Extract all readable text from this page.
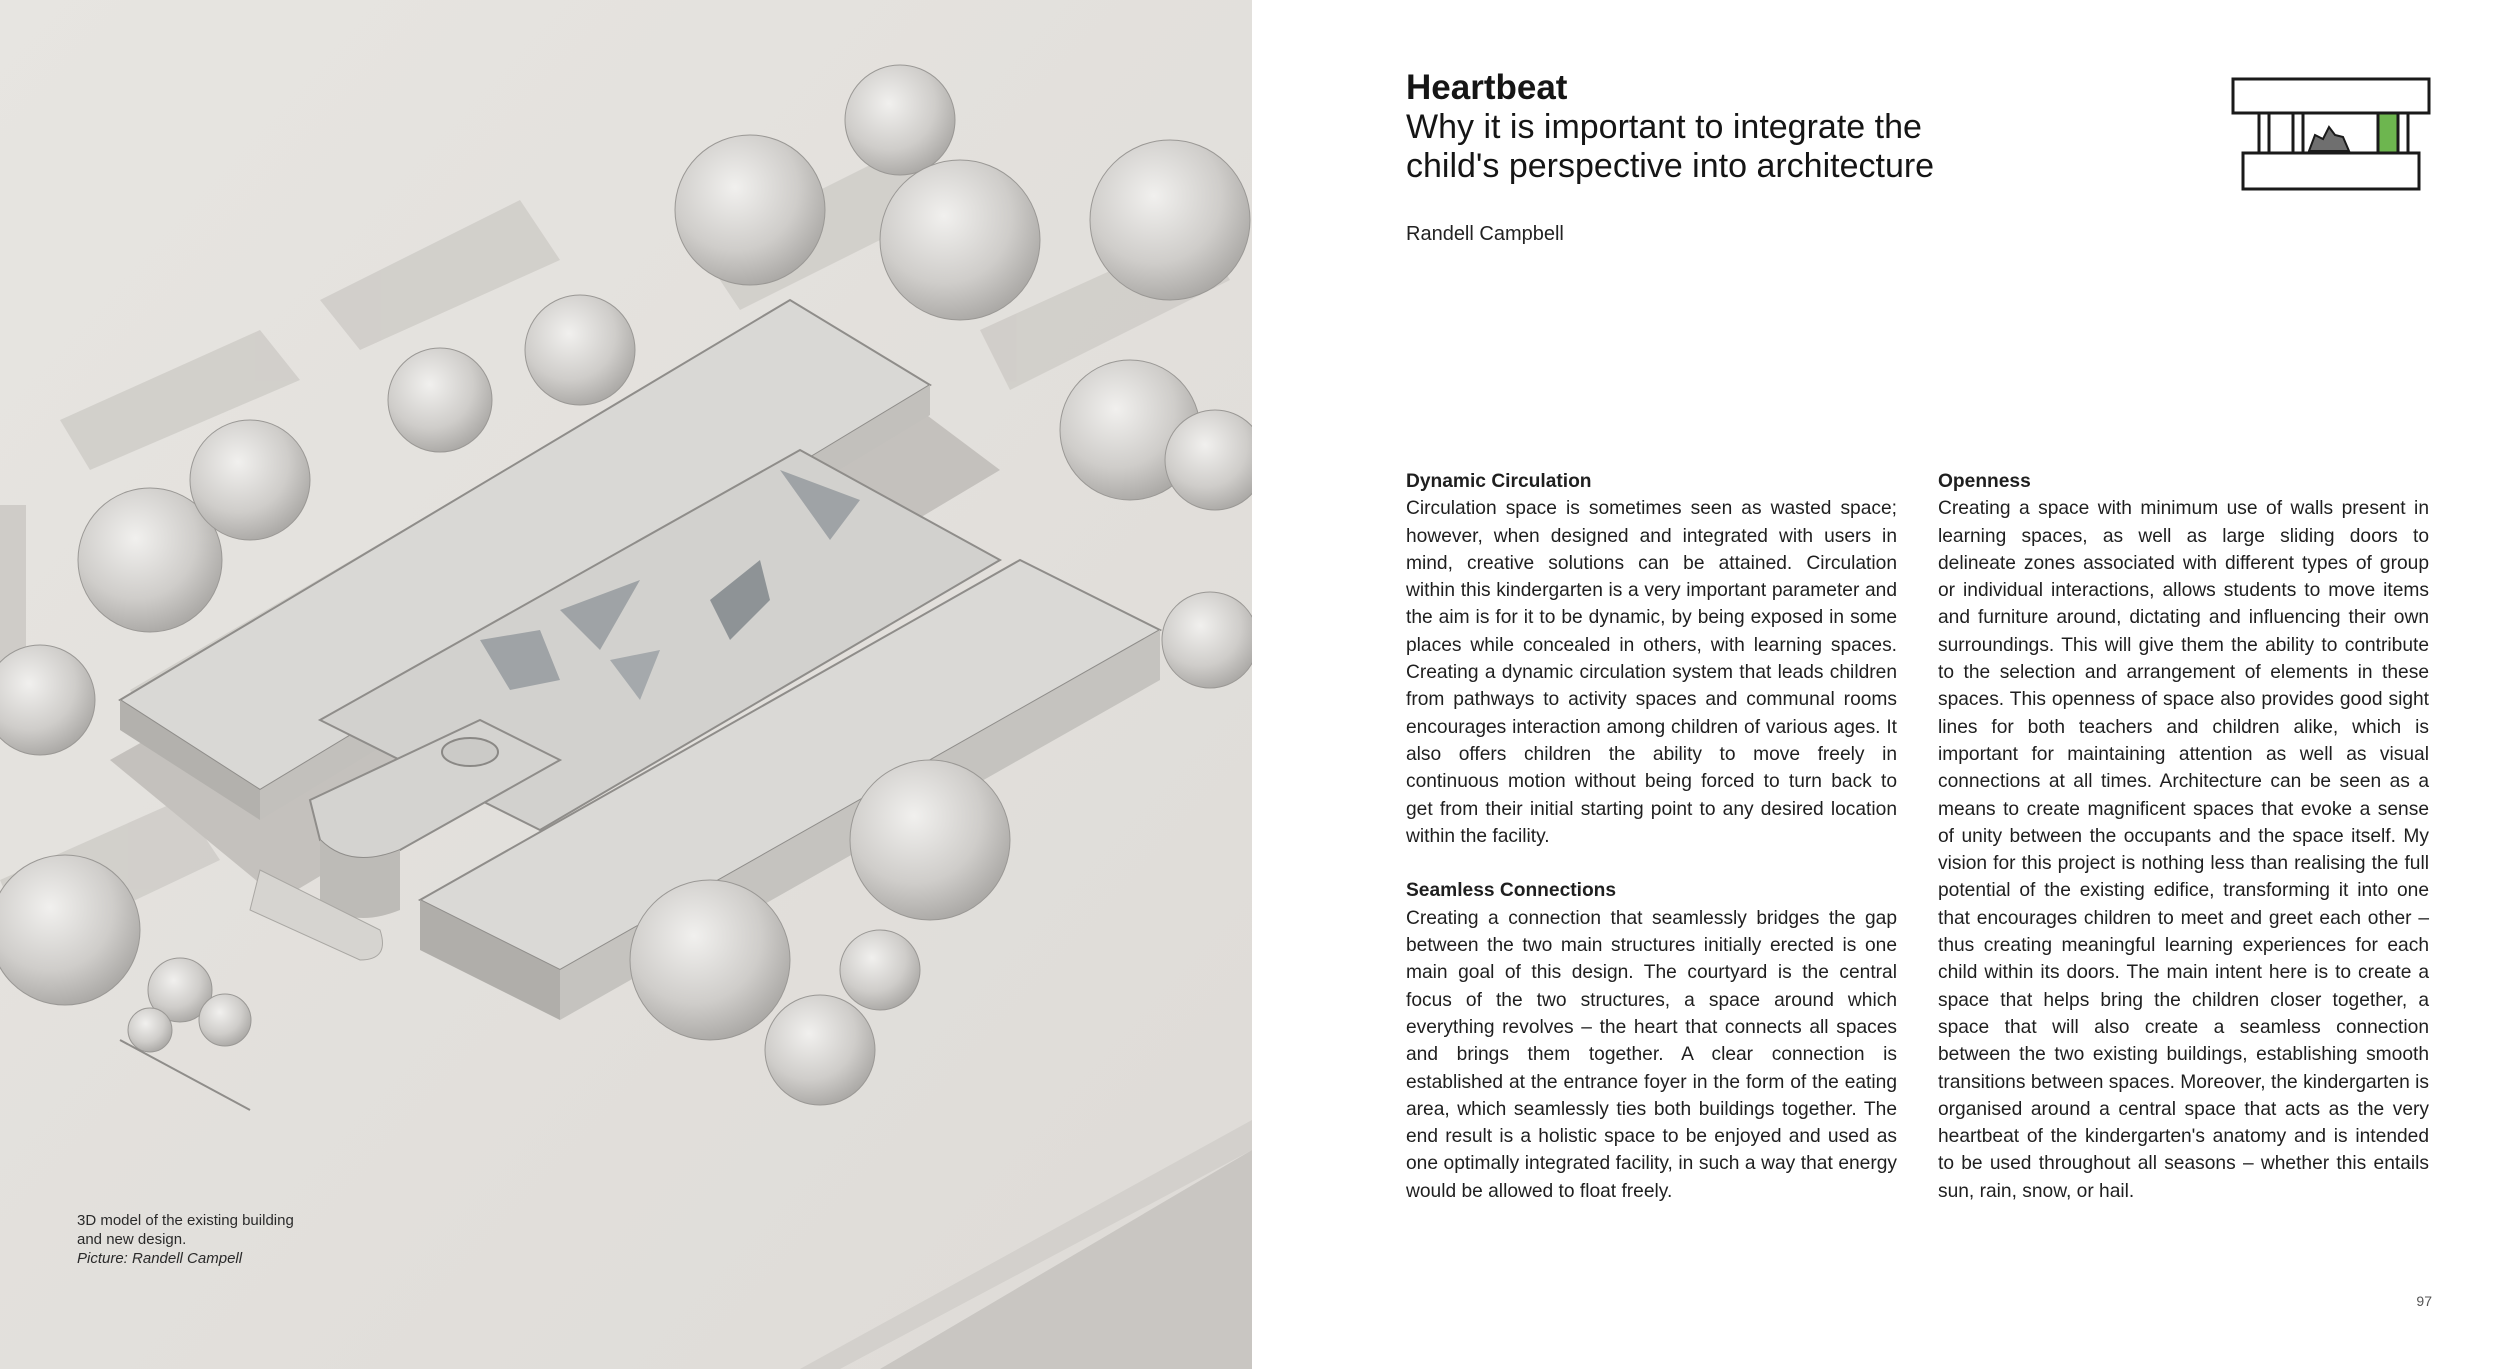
3D model of the existing building
and new design.
Picture: Randell Campell
Heartbeat
Why it is important to integrate the
child's perspective into architecture
Randell Campbell
Dynamic Circulation

Circulation space is sometimes seen as wasted space; however, when designed and integrated with users in mind, creative solutions can be attained. Circulation within this kindergarten is a very important parameter and the aim is for it to be dynamic, by being exposed in some places while concealed in others, with learning spaces. Creating a dynamic circulation system that leads children from pathways to activity spaces and communal rooms encourages interaction among children of various ages. It also offers children the ability to move freely in continuous motion without being forced to turn back to get from their initial starting point to any desired location within the facility.

Seamless Connections

Creating a connection that seamlessly bridges the gap between the two main structures initially erected is one main goal of this design. The courtyard is the central focus of the two structures, a space around which everything revolves – the heart that connects all spaces and brings them together. A clear connection is established at the entrance foyer in the form of the eating area, which seamlessly ties both buildings together. The end result is a holistic space to be enjoyed and used as one optimally integrated facility, in such a way that energy would be allowed to float freely.

Openness

Creating a space with minimum use of walls present in learning spaces, as well as large sliding doors to delineate zones associated with different types of group or individual interactions, allows students to move items and furniture around, dictating and influencing their own surroundings. This will give them the ability to contribute to the selection and arrangement of elements in these spaces. This openness of space also provides good sight lines for both teachers and children alike, which is important for maintaining attention as well as visual connections at all times. Architecture can be seen as a means to create magnificent spaces that evoke a sense of unity between the occupants and the space itself. My vision for this project is nothing less than realising the full potential of the existing edifice, transforming it into one that encourages children to meet and greet each other – thus creating meaningful learning experiences for each child within its doors. The main intent here is to create a space that helps bring the children closer together, a space that will also create a seamless connection between the two existing buildings, establishing smooth transitions between spaces. Moreover, the kindergarten is organised around a central space that acts as the very heartbeat of the kindergarten's anatomy and is intended to be used throughout all seasons – whether this entails sun, rain, snow, or hail.

97
